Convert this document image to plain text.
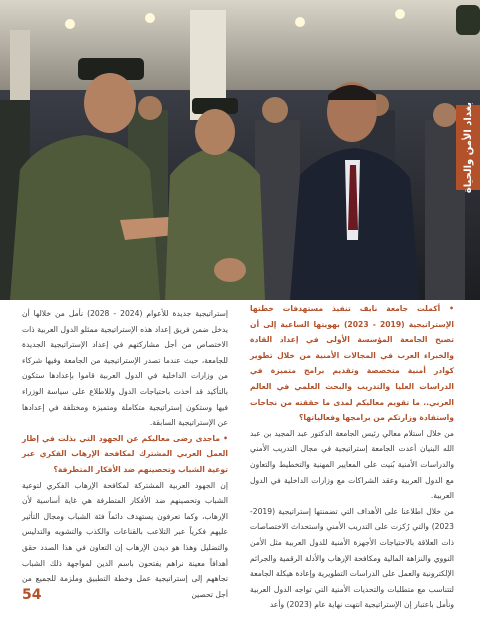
بغداد الأمن والحياة

• أكملت جامعة نايف تنفيذ مستهدفات خطتها الإستراتيجية (2019 - 2023) بهويتها الساعية إلى أن تصبح الجامعة المؤسسة الأولى في إعداد القادة والخبراء العرب في المجالات الأمنية من خلال تطوير كوادر أمنية متخصصة وتقديم برامج متميزة في الدراسات العليا والتدريب والبحث العلمي في العالم العربي.. ما تقويم معاليكم لمدى ما حققته من نجاحات واستفادة وزارتكم من برامجها وفعالياتها؟

من خلال استلام معالي رئيس الجامعة الدكتور عبد المجيد بن عبد الله البنيان أعدت الجامعة إستراتيجية في مجال التدريب الأمني والدراسات الأمنية بُنيت على المعايير المهنية والتخطيط والتعاون مع الدول العربية وعقد الشراكات مع وزارات الداخلية في الدول العربية.

من خلال اطلاعنا على الأهداف التي تضمنتها إستراتيجية (2019-2023) والتي رُكزت على التدريب الأمني واستحداث الاختصاصات ذات العلاقة بالاحتياجات الأجهزة الأمنية للدول العربية مثل الأمن النووي والنزاهة المالية ومكافحة الإرهاب والأدلة الرقمية والجرائم الإلكترونية والعمل على الدراسات التطويرية وإعادة هيكلة الجامعة لتتناسب مع متطلبات والتحديات الأمنية التي تواجه الدول العربية ونأمل باعتبار إن الإستراتيجية انتهت نهاية عام (2023) وأعد

إستراتيجية جديدة للأعوام (2024 - 2028) نأمل من خلالها أن يدخل ضمن فريق إعداد هذه الإستراتيجية ممثلو الدول العربية ذات الاختصاص من أجل مشاركتهم في إعداد الإستراتيجية الجديدة للجامعة، حيث عندما تصدر الإستراتيجية من الجامعة وفيها شركاء من وزارات الداخلية في الدول العربية قاموا بإعدادها ستكون بالتأكيد قد أخذت باحتياجات الدول وللاطلاع على سياسة الوزراء فيها وستكون إستراتيجية متكاملة ومتميزة ومختلفة في إعدادها عن الإستراتيجية السابقة.

• ماجدى رضى معاليكم عن الجهود التي بذلت في إطار العمل العربي المشترك لمكافحة الإرهاب الفكري عبر توعية الشباب وتحصينهم ضد الأفكار المتطرفة؟

إن الجهود العربية المشتركة لمكافحة الإرهاب الفكري لتوعية الشباب وتحصينهم ضد الأفكار المتطرفة هي غاية أساسية لأن الإرهاب، وكما تعرفون يستهدف دائماً فئة الشباب ومجال التأثير عليهم فكرياً عبر التلاعب بالقناعات والكذب والتشويه والتدليس والتضليل وهذا هو ديدن الإرهاب إن التعاون في هذا الصدد حقق أهدافاً معينة نراهم يفتحون باسم الدين لمواجهة ذلك الشباب تجاههم إلى إستراتيجية عمل وخطة التطبيق وملزمة للجميع من أجل تحصين

54
